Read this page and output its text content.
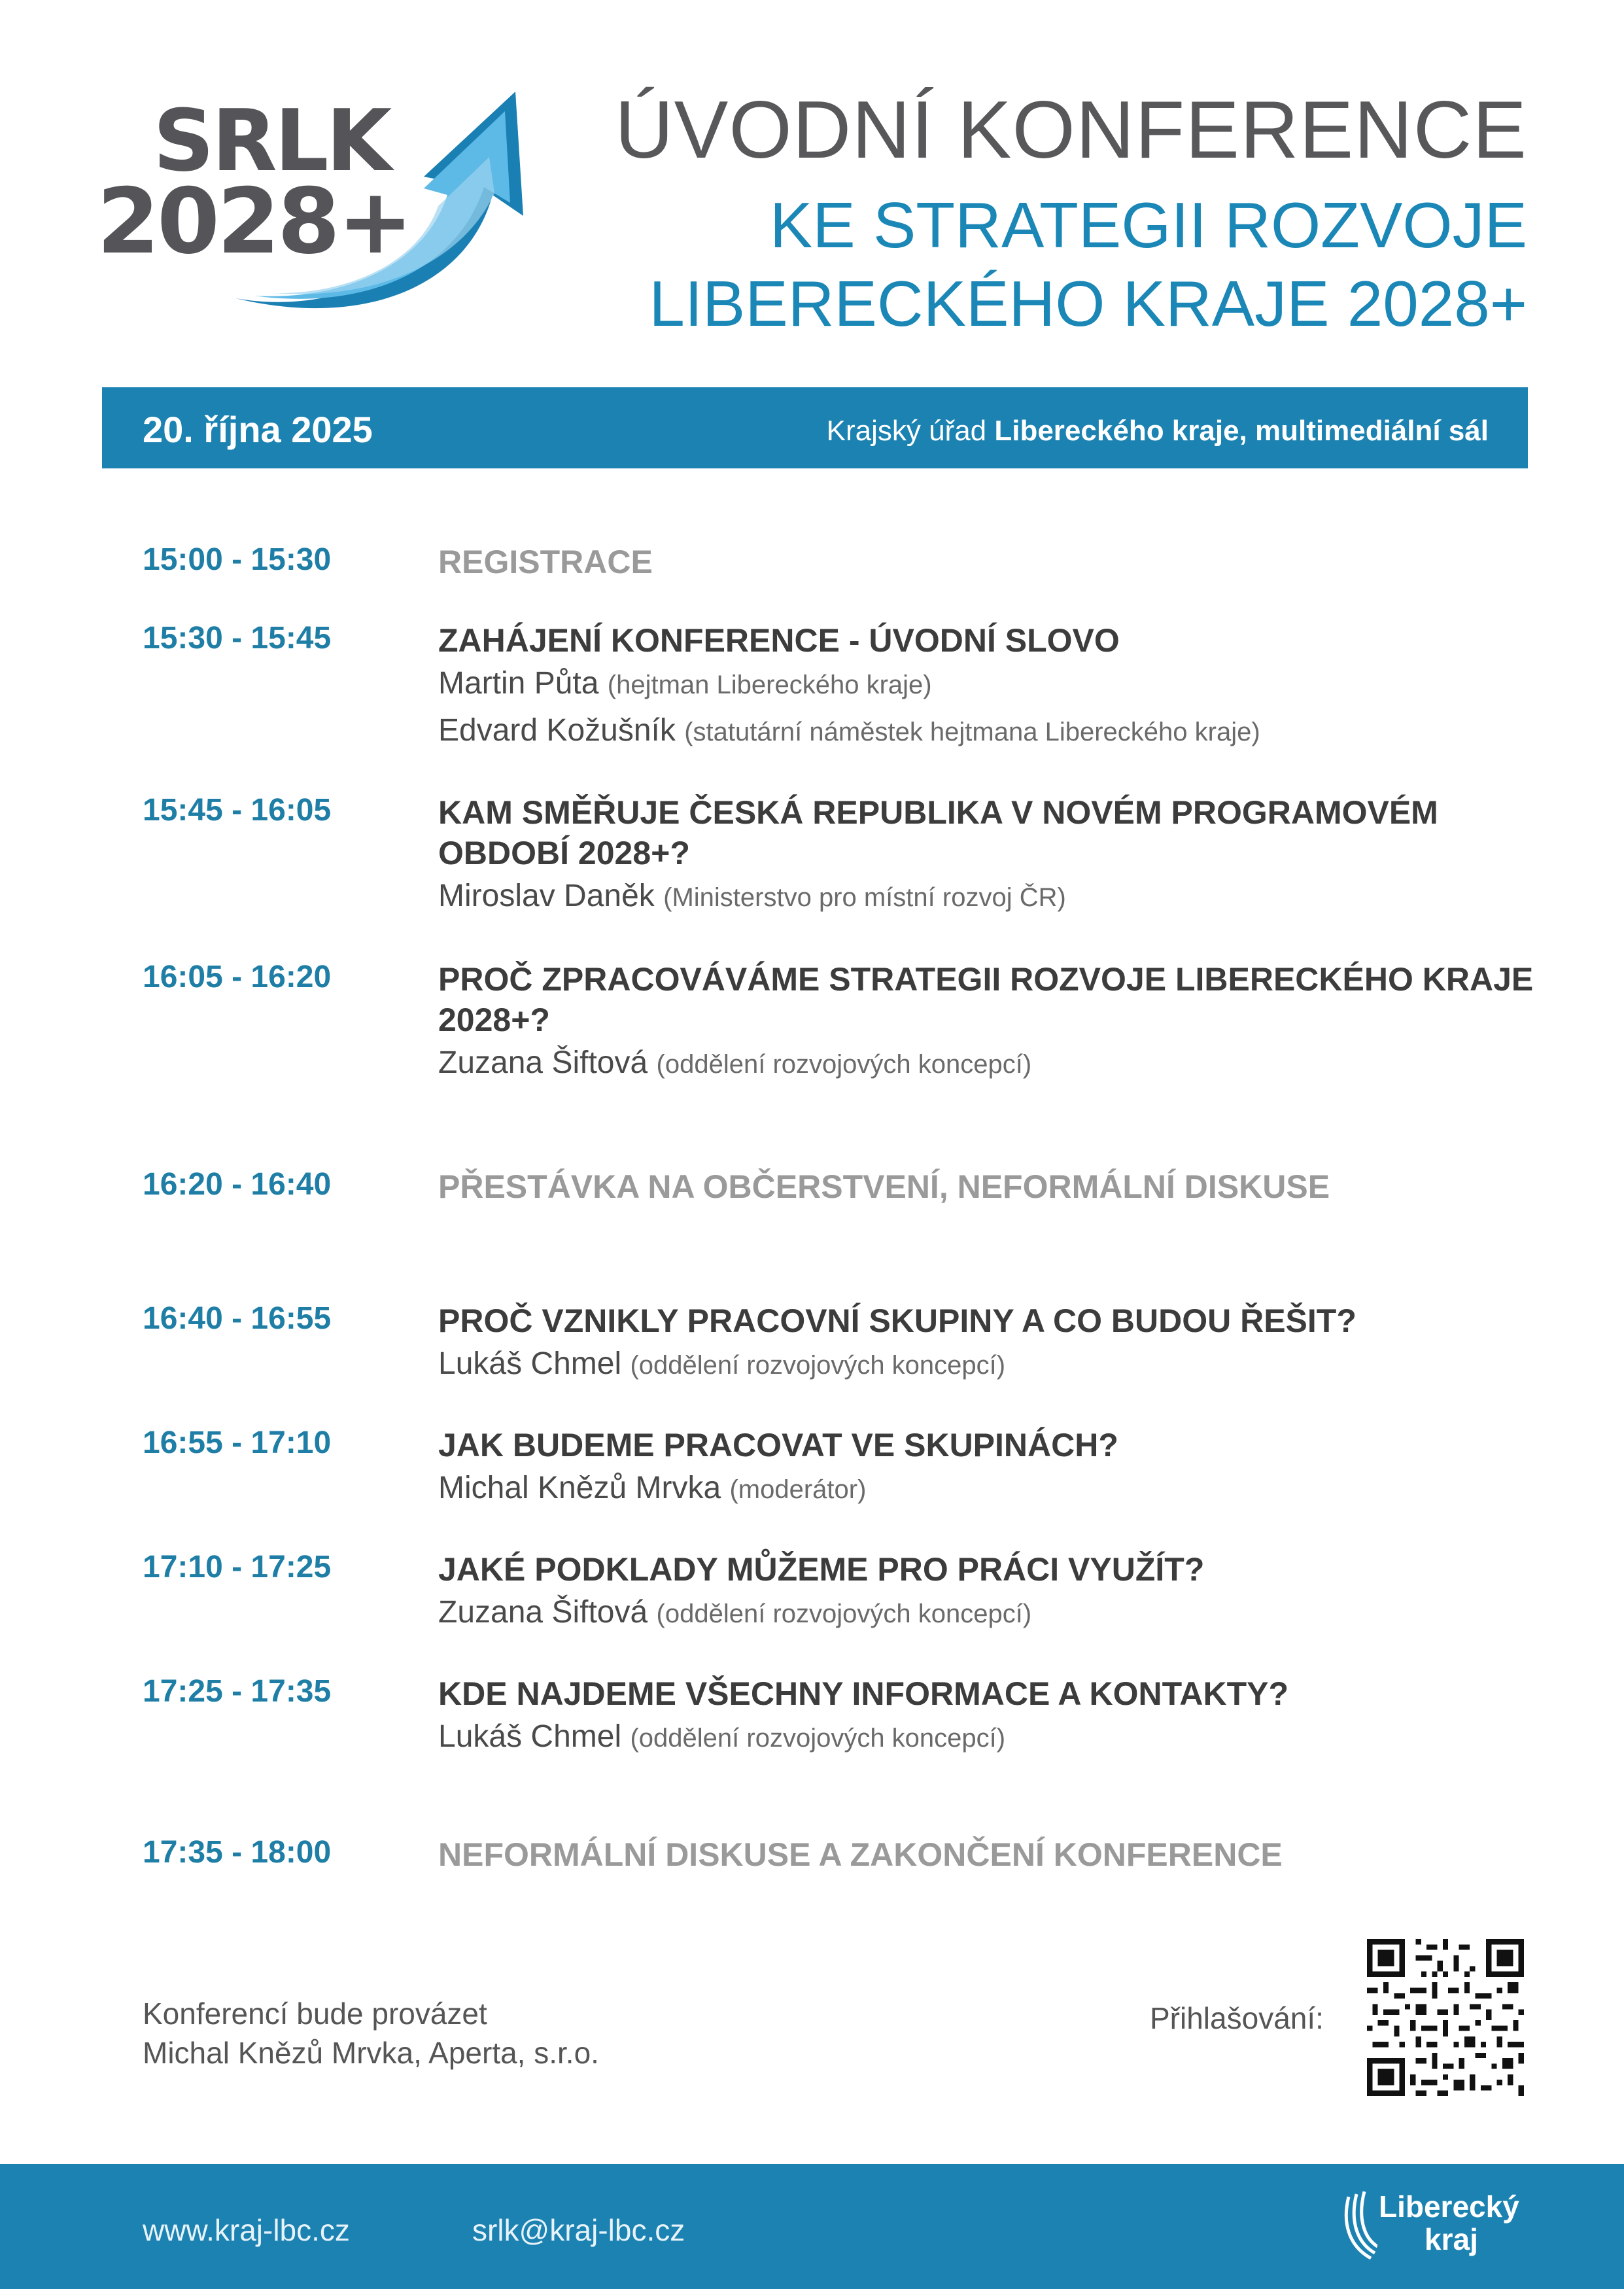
SRLK
2028+
ÚVODNÍ KONFERENCE
KE STRATEGII ROZVOJE
LIBERECKÉHO KRAJE 2028+
20. října 2025	Krajský úřad Libereckého kraje, multimediální sál
15:00 - 15:30	REGISTRACE
15:30 - 15:45	ZAHÁJENÍ KONFERENCE - ÚVODNÍ SLOVO
Martin Půta (hejtman Libereckého kraje)
Edvard Kožušník (statutární náměstek hejtmana Libereckého kraje)
15:45 - 16:05	KAM SMĚŘUJE ČESKÁ REPUBLIKA V NOVÉM PROGRAMOVÉM OBDOBÍ 2028+?
Miroslav Daněk (Ministerstvo pro místní rozvoj ČR)
16:05 - 16:20	PROČ ZPRACOVÁVÁME STRATEGII ROZVOJE LIBERECKÉHO KRAJE 2028+?
Zuzana Šiftová (oddělení rozvojových koncepcí)
16:20 - 16:40	PŘESTÁVKA NA OBČERSTVENÍ, NEFORMÁLNÍ DISKUSE
16:40 - 16:55	PROČ VZNIKLY PRACOVNÍ SKUPINY A CO BUDOU ŘEŠIT?
Lukáš Chmel (oddělení rozvojových koncepcí)
16:55 - 17:10	JAK BUDEME PRACOVAT VE SKUPINÁCH?
Michal Knězů Mrvka (moderátor)
17:10 - 17:25	JAKÉ PODKLADY MŮŽEME PRO PRÁCI VYUŽÍT?
Zuzana Šiftová (oddělení rozvojových koncepcí)
17:25 - 17:35	KDE NAJDEME VŠECHNY INFORMACE A KONTAKTY?
Lukáš Chmel (oddělení rozvojových koncepcí)
17:35 - 18:00	NEFORMÁLNÍ DISKUSE A ZAKONČENÍ KONFERENCE
Konferencí bude provázet
Michal Knězů Mrvka, Aperta, s.r.o.
Přihlašování:
www.kraj-lbc.cz	srlk@kraj-lbc.cz
Liberecký
kraj
